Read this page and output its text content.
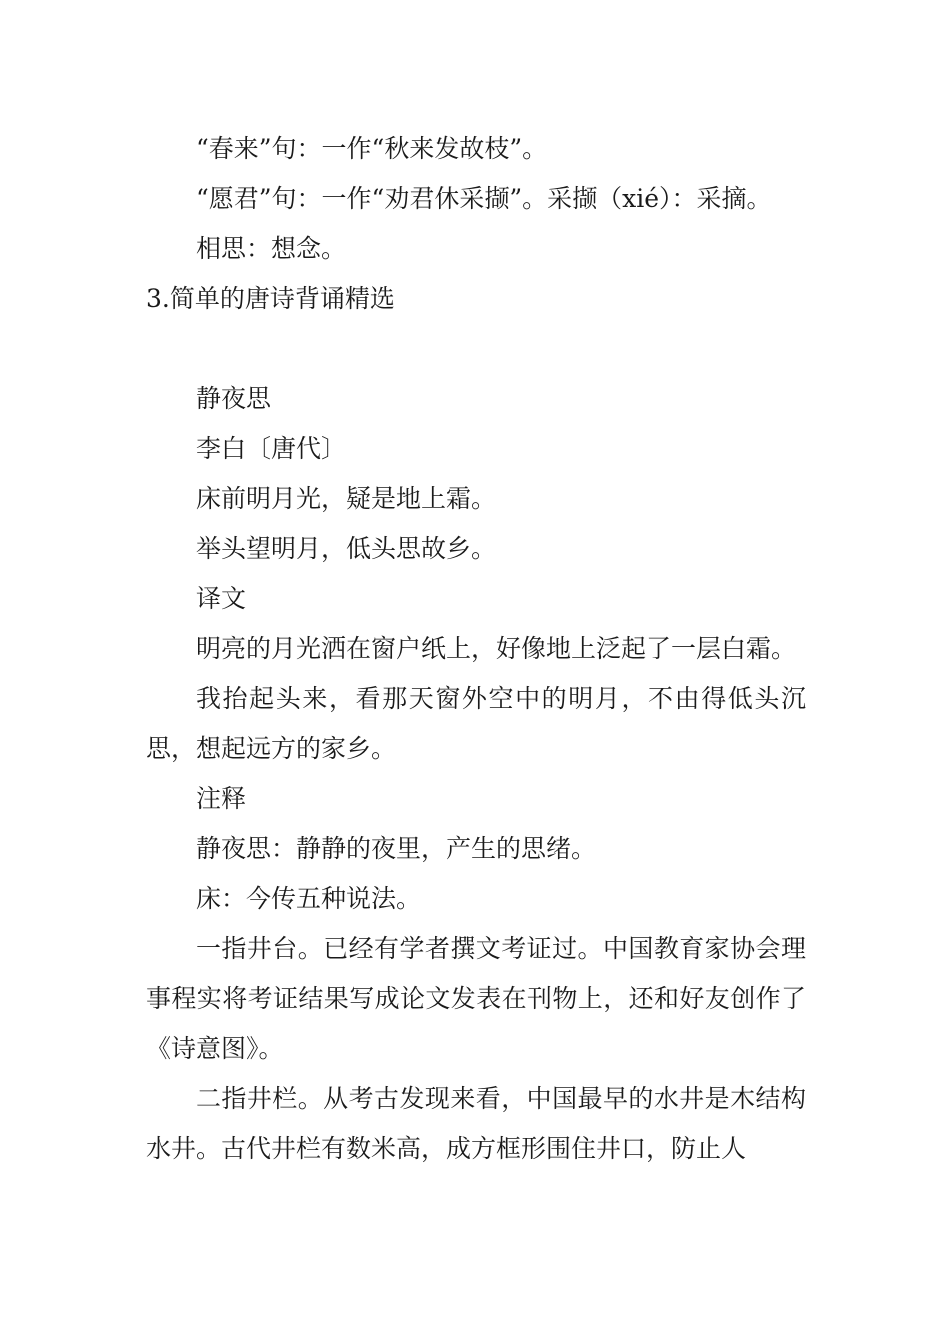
“春来”句：一作“秋来发故枝”。

“愿君”句：一作“劝君休采撷”。采撷（xié）：采摘。

相思：想念。

3.简单的唐诗背诵精选

静夜思

李白〔唐代〕

床前明月光，疑是地上霜。

举头望明月，低头思故乡。

译文

明亮的月光洒在窗户纸上，好像地上泛起了一层白霜。

我抬起头来，看那天窗外空中的明月，不由得低头沉思，想起远方的家乡。

注释

静夜思：静静的夜里，产生的思绪。

床：今传五种说法。

一指井台。已经有学者撰文考证过。中国教育家协会理事程实将考证结果写成论文发表在刊物上，还和好友创作了《诗意图》。

二指井栏。从考古发现来看，中国最早的水井是木结构水井。古代井栏有数米高，成方框形围住井口，防止人
